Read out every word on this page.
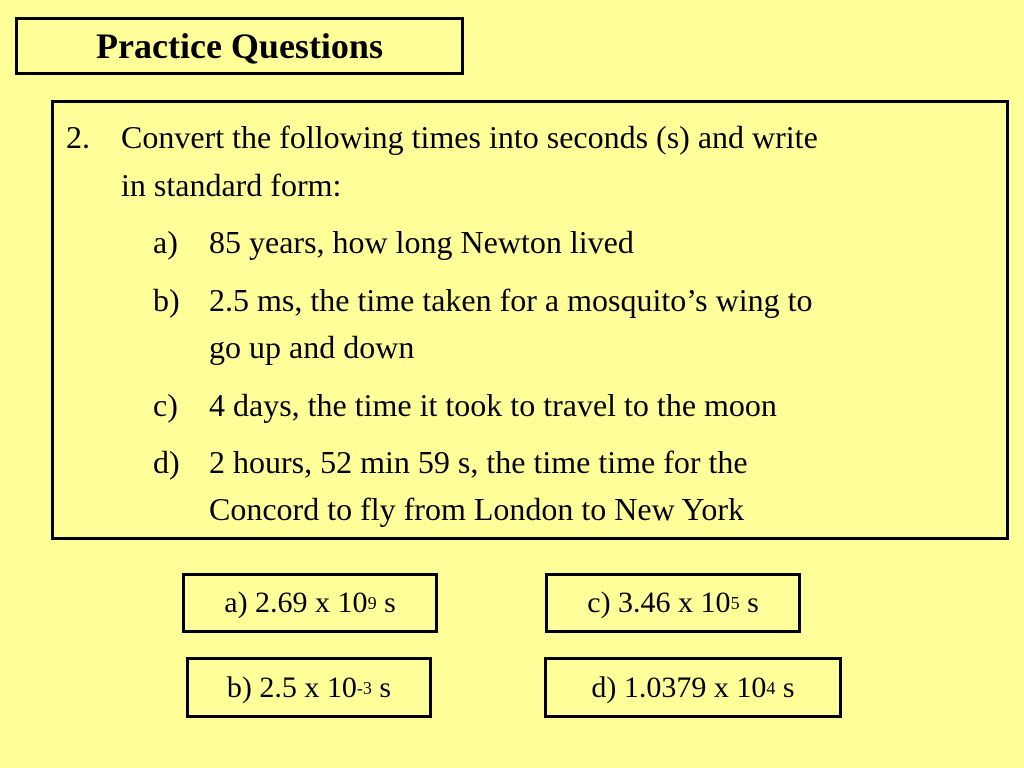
Practice Questions
2. Convert the following times into seconds (s) and write
in standard form:
a) 85 years, how long Newton lived
b) 2.5 ms, the time taken for a mosquito’s wing to
go up and down
c) 4 days, the time it took to travel to the moon
d) 2 hours, 52 min 59 s, the time time for the
Concord to fly from London to New York
a) 2.69 x 10 9 s	c) 3.46 x 10 5 s
b) 2.5 x 10 -3 s	d) 1.0379 x 10 4 s
